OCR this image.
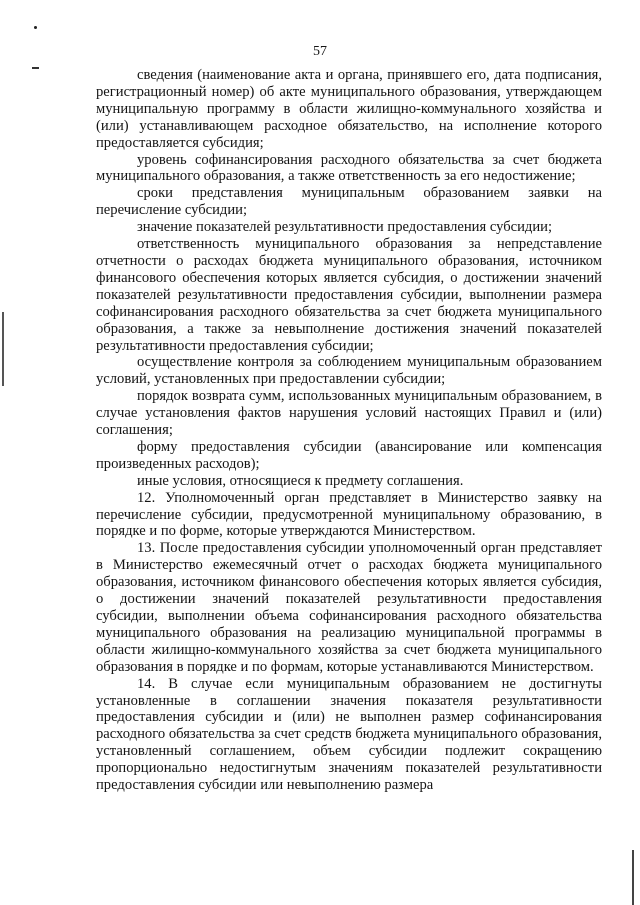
57

сведения (наименование акта и органа, принявшего его, дата подписания, регистрационный номер) об акте муниципального образования, утверждающем муниципальную программу в области жилищно-коммунального хозяйства и (или) устанавливающем расходное обязательство, на исполнение которого предоставляется субсидия;

уровень софинансирования расходного обязательства за счет бюджета муниципального образования, а также ответственность за его недостижение;

сроки представления муниципальным образованием заявки на перечисление субсидии;

значение показателей результативности предоставления субсидии;

ответственность муниципального образования за непредставление отчетности о расходах бюджета муниципального образования, источником финансового обеспечения которых является субсидия, о достижении значений показателей результативности предоставления субсидии, выполнении размера софинансирования расходного обязательства за счет бюджета муниципального образования, а также за невыполнение достижения значений показателей результативности предоставления субсидии;

осуществление контроля за соблюдением муниципальным образованием условий, установленных при предоставлении субсидии;

порядок возврата сумм, использованных муниципальным образованием, в случае установления фактов нарушения условий настоящих Правил и (или) соглашения;

форму предоставления субсидии (авансирование или компенсация произведенных расходов);

иные условия, относящиеся к предмету соглашения.

12. Уполномоченный орган представляет в Министерство заявку на перечисление субсидии, предусмотренной муниципальному образованию, в порядке и по форме, которые утверждаются Министерством.

13. После предоставления субсидии уполномоченный орган представляет в Министерство ежемесячный отчет о расходах бюджета муниципального образования, источником финансового обеспечения которых является субсидия, о достижении значений показателей результативности предоставления субсидии, выполнении объема софинансирования расходного обязательства муниципального образования на реализацию муниципальной программы в области жилищно-коммунального хозяйства за счет бюджета муниципального образования в порядке и по формам, которые устанавливаются Министерством.

14. В случае если муниципальным образованием не достигнуты установленные в соглашении значения показателя результативности предоставления субсидии и (или) не выполнен размер софинансирования расходного обязательства за счет средств бюджета муниципального образования, установленный соглашением, объем субсидии подлежит сокращению пропорционально недостигнутым значениям показателей результативности предоставления субсидии или невыполнению размера
